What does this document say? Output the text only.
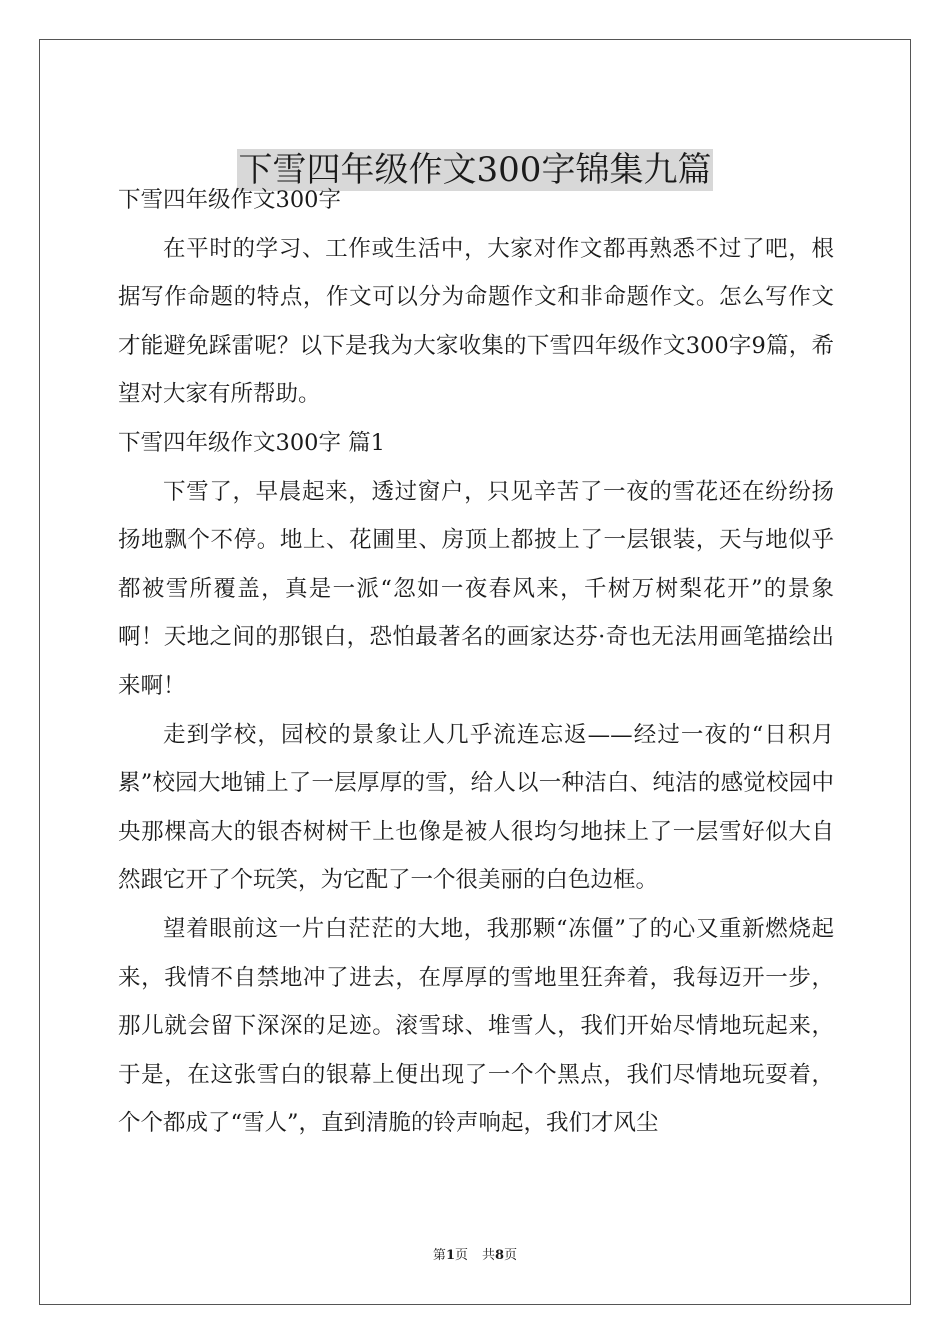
下雪四年级作文300字锦集九篇

下雪四年级作文300字

在平时的学习、工作或生活中，大家对作文都再熟悉不过了吧，根据写作命题的特点，作文可以分为命题作文和非命题作文。怎么写作文才能避免踩雷呢？以下是我为大家收集的下雪四年级作文300字9篇，希望对大家有所帮助。

下雪四年级作文300字 篇1

下雪了，早晨起来，透过窗户，只见辛苦了一夜的雪花还在纷纷扬扬地飘个不停。地上、花圃里、房顶上都披上了一层银装，天与地似乎都被雪所覆盖，真是一派“忽如一夜春风来，千树万树梨花开”的景象啊！天地之间的那银白，恐怕最著名的画家达芬·奇也无法用画笔描绘出来啊！

走到学校，园校的景象让人几乎流连忘返——经过一夜的“日积月累”校园大地铺上了一层厚厚的雪，给人以一种洁白、纯洁的感觉校园中央那棵高大的银杏树树干上也像是被人很均匀地抹上了一层雪好似大自然跟它开了个玩笑，为它配了一个很美丽的白色边框。

望着眼前这一片白茫茫的大地，我那颗“冻僵”了的心又重新燃烧起来，我情不自禁地冲了进去，在厚厚的雪地里狂奔着，我每迈开一步，那儿就会留下深深的足迹。滚雪球、堆雪人，我们开始尽情地玩起来，于是，在这张雪白的银幕上便出现了一个个黑点，我们尽情地玩耍着，个个都成了“雪人”，直到清脆的铃声响起，我们才风尘

第1页 共8页
